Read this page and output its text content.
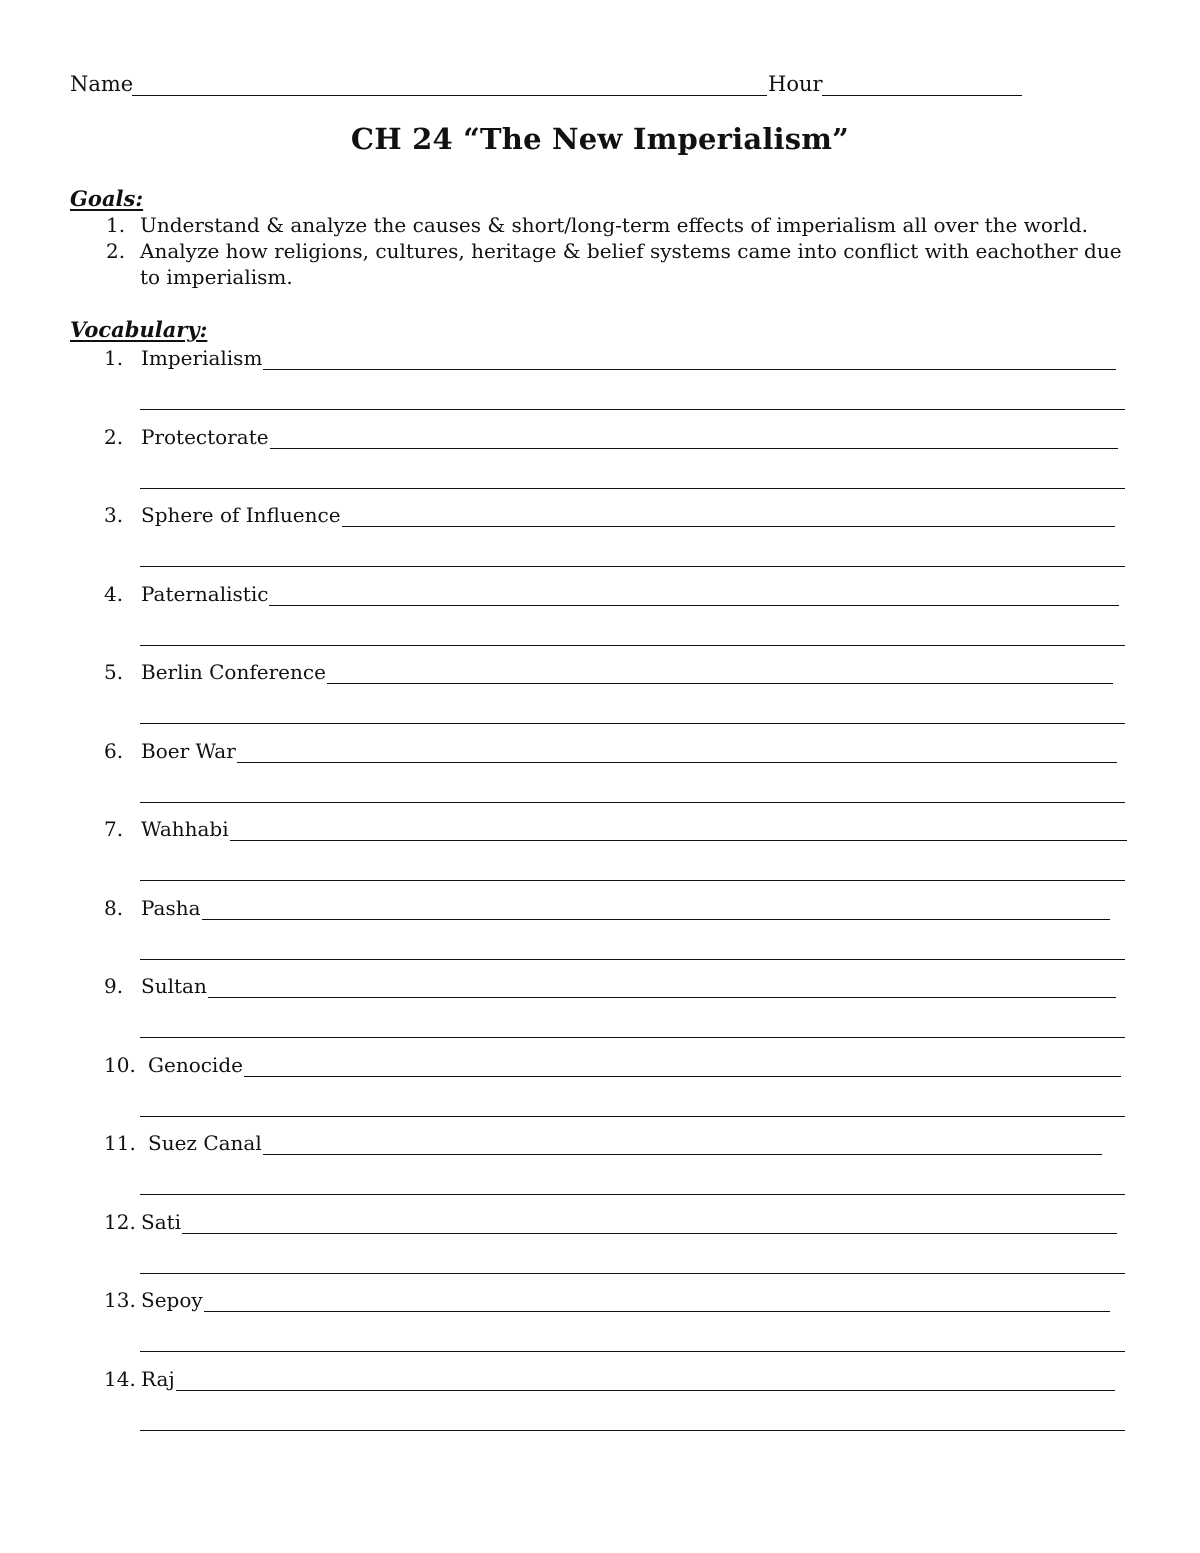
Name	Hour
CH 24 “The New Imperialism”
Goals:
1. Understand & analyze the causes & short/long-term effects of imperialism all over the world.
2. Analyze how religions, cultures, heritage & belief systems came into conflict with eachother due to imperialism.
Vocabulary:
1. Imperialism
2. Protectorate
3. Sphere of Influence
4. Paternalistic
5. Berlin Conference
6. Boer War
7. Wahhabi
8. Pasha
9. Sultan
10. Genocide
11. Suez Canal
12. Sati
13. Sepoy
14. Raj
